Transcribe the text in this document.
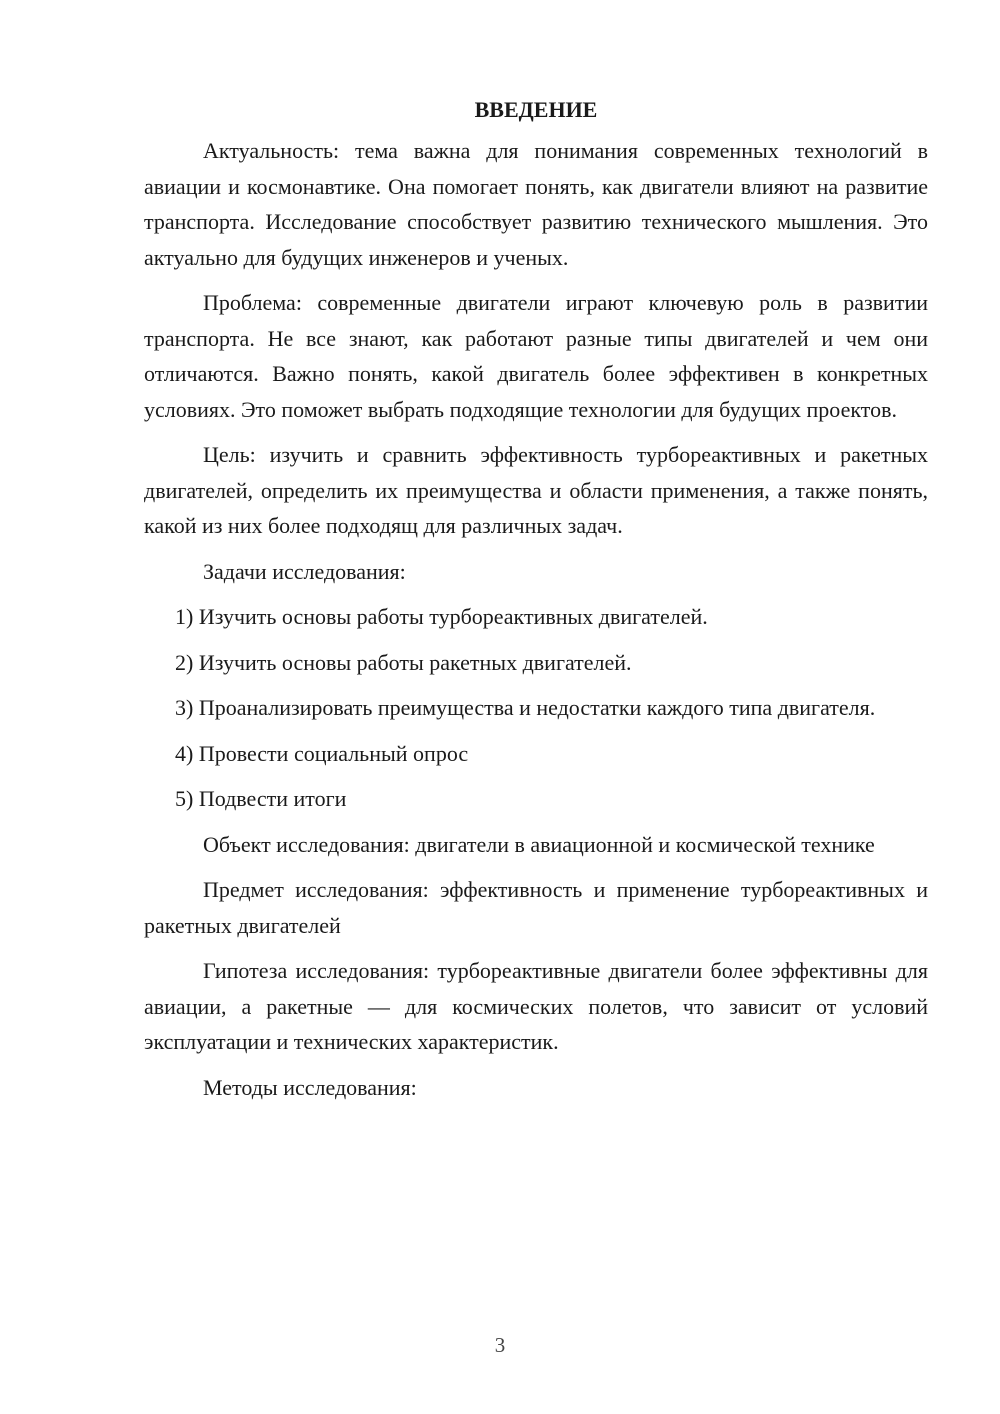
ВВЕДЕНИЕ

Актуальность: тема важна для понимания современных технологий в авиации и космонавтике. Она помогает понять, как двигатели влияют на развитие транспорта. Исследование способствует развитию технического мышления. Это актуально для будущих инженеров и ученых.

Проблема: современные двигатели играют ключевую роль в развитии транспорта. Не все знают, как работают разные типы двигателей и чем они отличаются. Важно понять, какой двигатель более эффективен в конкретных условиях. Это поможет выбрать подходящие технологии для будущих проектов.

Цель: изучить и сравнить эффективность турбореактивных и ракетных двигателей, определить их преимущества и области применения, а также понять, какой из них более подходящ для различных задач.

Задачи исследования:

1) Изучить основы работы турбореактивных двигателей.

2) Изучить основы работы ракетных двигателей.

3) Проанализировать преимущества и недостатки каждого типа двигателя.

4) Провести социальный опрос

5) Подвести итоги

Объект исследования: двигатели в авиационной и космической технике

Предмет исследования: эффективность и применение турбореактивных и ракетных двигателей

Гипотеза исследования: турбореактивные двигатели более эффективны для авиации, а ракетные — для космических полетов, что зависит от условий эксплуатации и технических характеристик.

Методы исследования:

3
